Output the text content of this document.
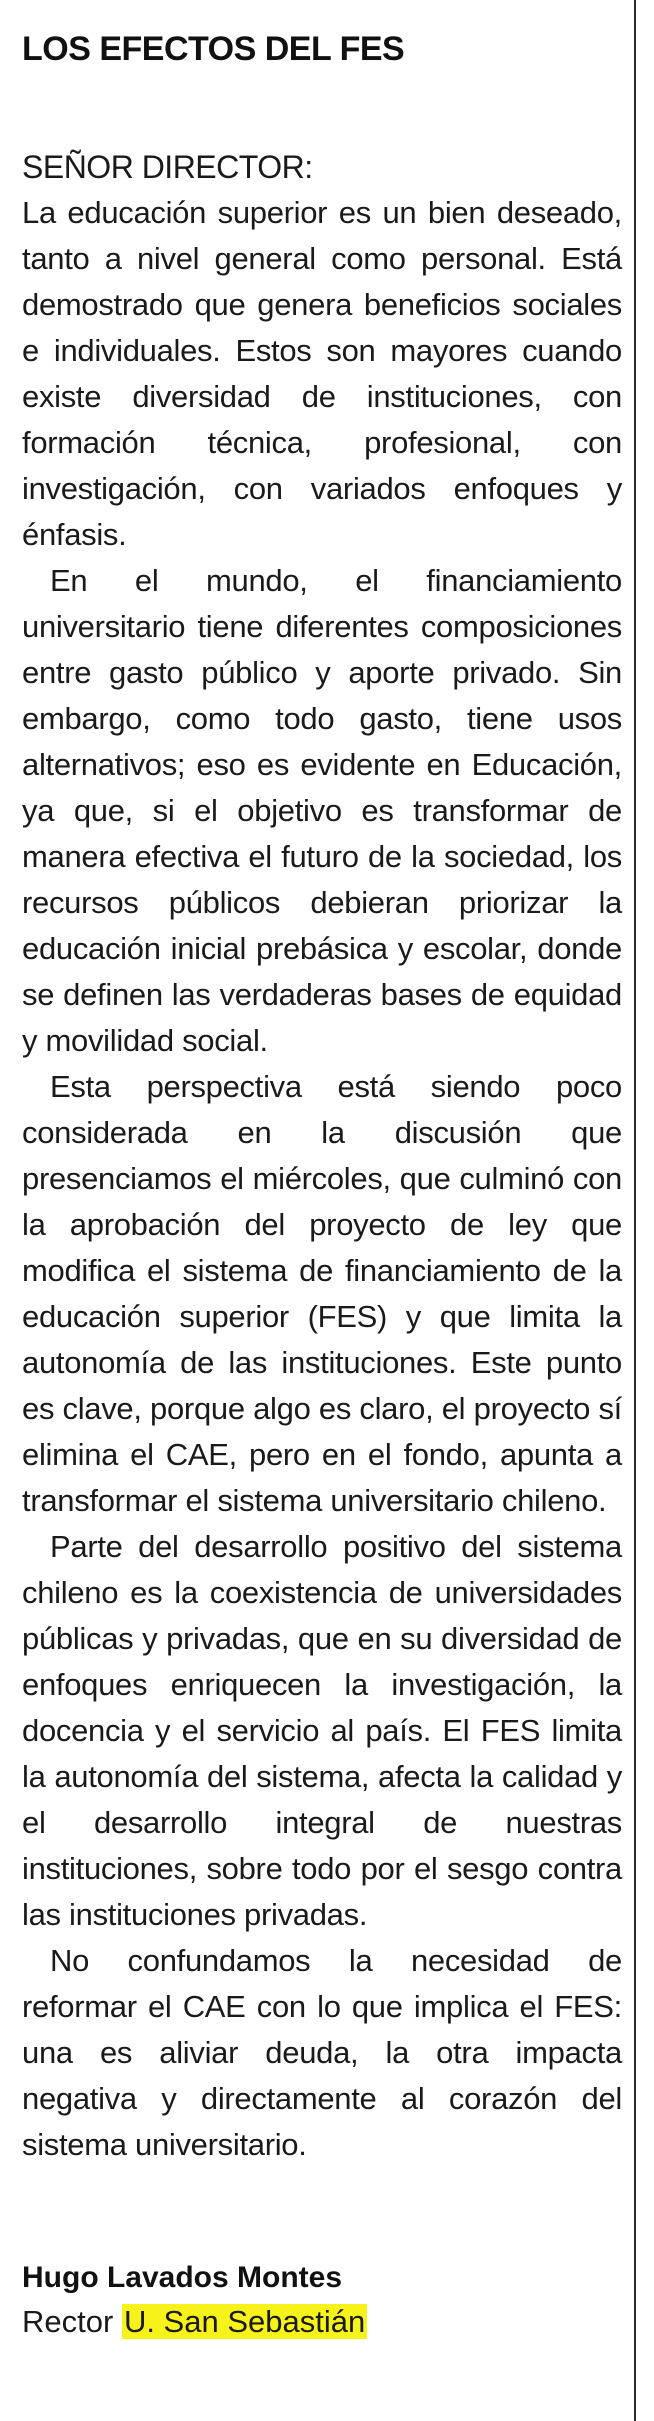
LOS EFECTOS DEL FES

SEÑOR DIRECTOR:

La educación superior es un bien deseado, tanto a nivel general como personal. Está demostrado que genera beneficios sociales e individuales. Estos son mayores cuando existe diversidad de instituciones, con formación técnica, profesional, con investigación, con variados enfoques y énfasis.

En el mundo, el financiamiento universitario tiene diferentes composiciones entre gasto público y aporte privado. Sin embargo, como todo gasto, tiene usos alternativos; eso es evidente en Educación, ya que, si el objetivo es transformar de manera efectiva el futuro de la sociedad, los recursos públicos debieran priorizar la educación inicial prebásica y escolar, donde se definen las verdaderas bases de equidad y movilidad social.

Esta perspectiva está siendo poco considerada en la discusión que presenciamos el miércoles, que culminó con la aprobación del proyecto de ley que modifica el sistema de financiamiento de la educación superior (FES) y que limita la autonomía de las instituciones. Este punto es clave, porque algo es claro, el proyecto sí elimina el CAE, pero en el fondo, apunta a transformar el sistema universitario chileno.

Parte del desarrollo positivo del sistema chileno es la coexistencia de universidades públicas y privadas, que en su diversidad de enfoques enriquecen la investigación, la docencia y el servicio al país. El FES limita la autonomía del sistema, afecta la calidad y el desarrollo integral de nuestras instituciones, sobre todo por el sesgo contra las instituciones privadas.

No confundamos la necesidad de reformar el CAE con lo que implica el FES: una es aliviar deuda, la otra impacta negativa y directamente al corazón del sistema universitario.

Hugo Lavados Montes
Rector U. San Sebastián
